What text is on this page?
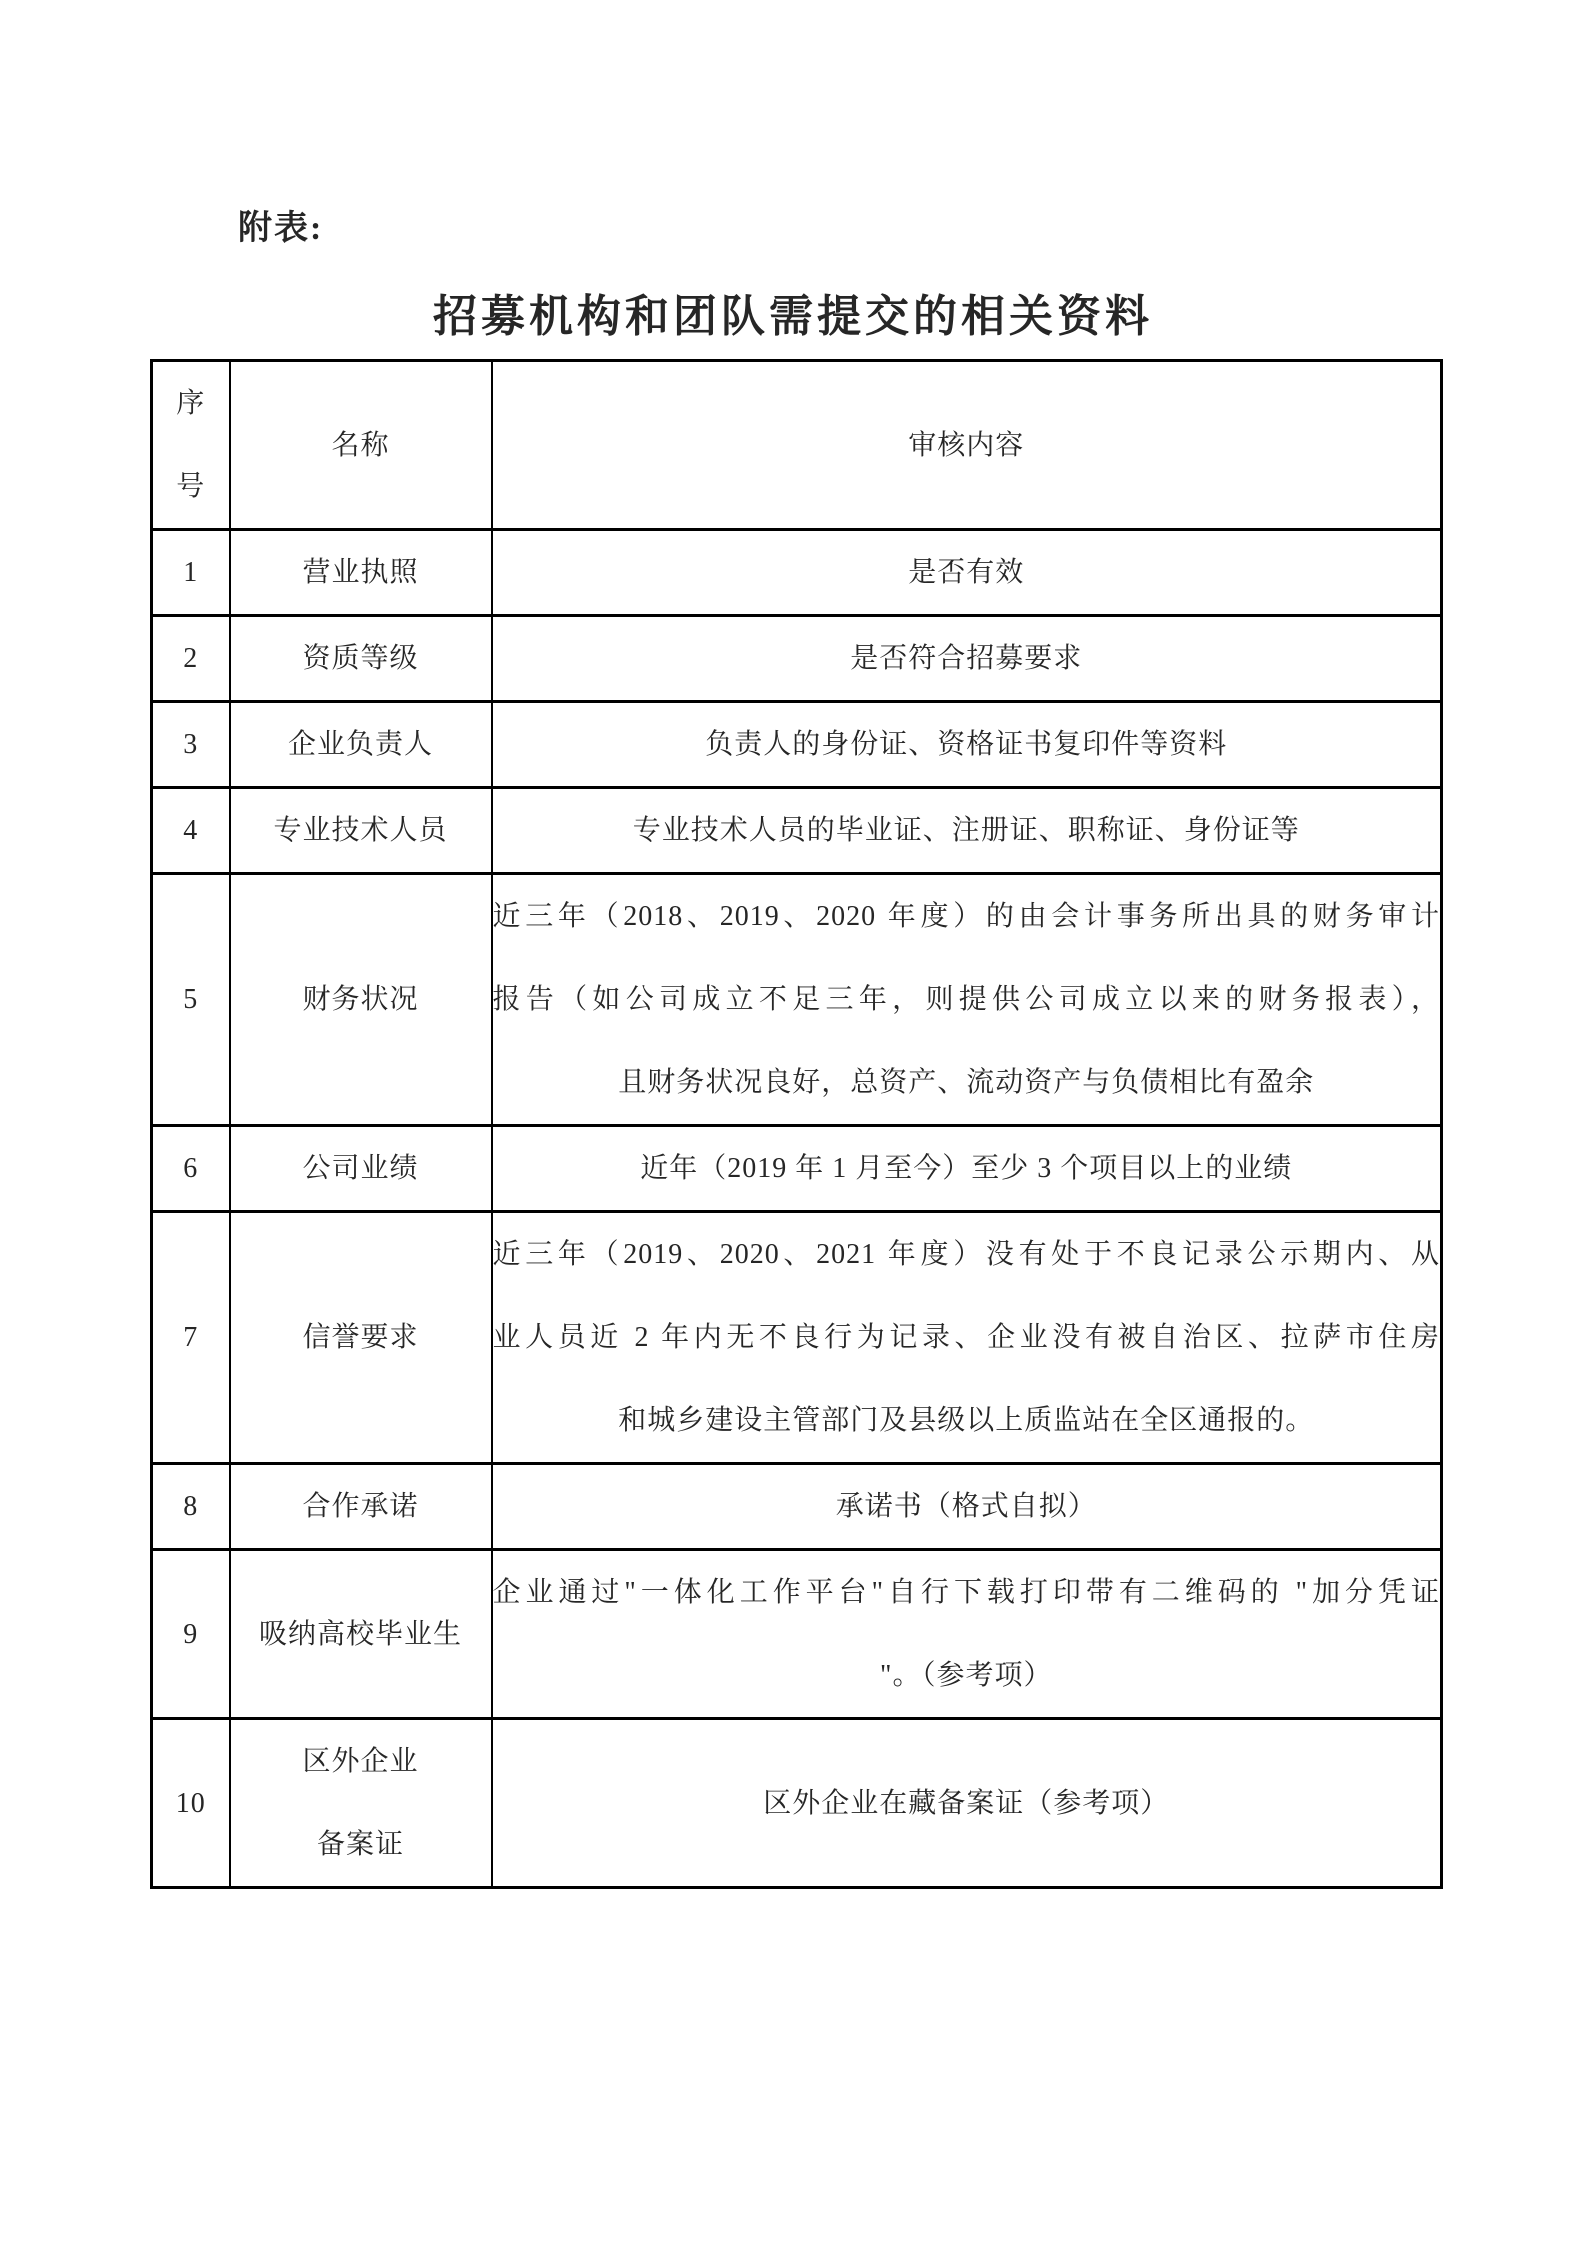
附表:
招募机构和团队需提交的相关资料
序
号	名称	审核内容

1	营业执照	是否有效

2	资质等级	是否符合招募要求

3	企业负责人	负责人的身份证、资格证书复印件等资料

4	专业技术人员	专业技术人员的毕业证、注册证、职称证、身份证等

5	财务状况	近三年（2018、2019、2020 年度）的由会计事务所出具的财务审计
报告（如公司成立不足三年，则提供公司成立以来的财务报表），
且财务状况良好，总资产、流动资产与负债相比有盈余

6	公司业绩	近年（2019 年 1 月至今）至少 3 个项目以上的业绩

7	信誉要求	近三年（2019、2020、2021 年度）没有处于不良记录公示期内、从
业人员近 2 年内无不良行为记录、企业没有被自治区、拉萨市住房
和城乡建设主管部门及县级以上质监站在全区通报的。

8	合作承诺	承诺书（格式自拟）

9	吸纳高校毕业生	企业通过"一体化工作平台"自行下载打印带有二维码的 "加分凭证
"。（参考项）

10	区外企业
备案证	区外企业在藏备案证（参考项）
